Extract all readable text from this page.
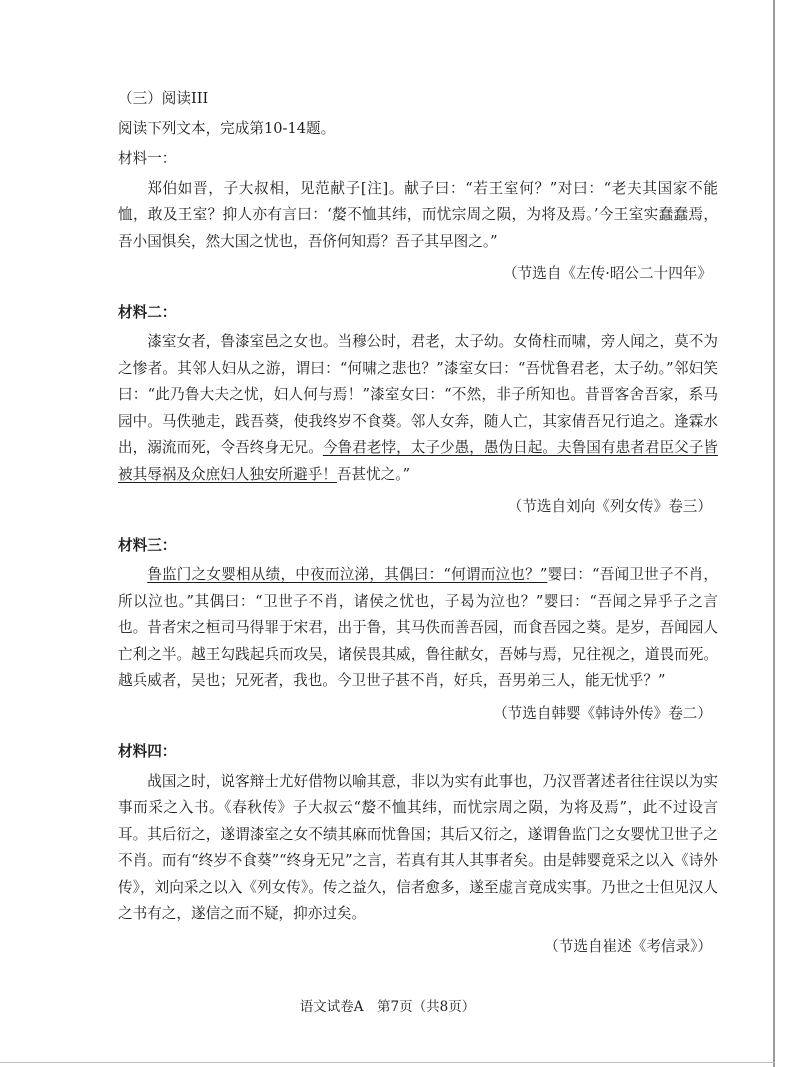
（三）阅读III
阅读下列文本，完成第10-14题。
材料一：

郑伯如晋，子大叔相，见范献子[注]。献子曰：“若王室何？”对曰：“老夫其国家不能恤，敢及王室？抑人亦有言曰：‘嫠不恤其纬，而忧宗周之陨，为将及焉。’今王室实蠢蠢焉，吾小国惧矣，然大国之忧也，吾侪何知焉？吾子其早图之。”

（节选自《左传·昭公二十四年》
材料二：

漆室女者，鲁漆室邑之女也。当穆公时，君老，太子幼。女倚柱而啸，旁人闻之，莫不为之惨者。其邻人妇从之游，谓曰：“何啸之悲也？”漆室女曰：“吾忧鲁君老，太子幼。”邻妇笑曰：“此乃鲁大夫之忧，妇人何与焉！”漆室女曰：“不然，非子所知也。昔晋客舍吾家，系马园中。马佚驰走，践吾葵，使我终岁不食葵。邻人女奔，随人亡，其家倩吾兄行追之。逢霖水出，溺流而死，令吾终身无兄。今鲁君老悖，太子少愚，愚伪日起。夫鲁国有患者君臣父子皆被其辱祸及众庶妇人独安所避乎！吾甚忧之。”

（节选自刘向《列女传》卷三）
材料三：

鲁监门之女婴相从绩，中夜而泣涕，其偶曰：“何谓而泣也？”婴曰：“吾闻卫世子不肖，所以泣也。”其偶曰：“卫世子不肖，诸侯之忧也，子曷为泣也？”婴曰：“吾闻之异乎子之言也。昔者宋之桓司马得罪于宋君，出于鲁，其马佚而善吾园，而食吾园之葵。是岁，吾闻园人亡利之半。越王勾践起兵而攻吴，诸侯畏其威，鲁往献女，吾姊与焉，兄往视之，道畏而死。越兵威者，吴也；兄死者，我也。今卫世子甚不肖，好兵，吾男弟三人，能无忧乎？”

（节选自韩婴《韩诗外传》卷二）
材料四：

战国之时，说客辩士尤好借物以喻其意，非以为实有此事也，乃汉晋著述者往往误以为实事而采之入书。《春秋传》子大叔云“嫠不恤其纬，而忧宗周之陨，为将及焉”，此不过设言耳。其后衍之，遂谓漆室之女不绩其麻而忧鲁国；其后又衍之，遂谓鲁监门之女婴忧卫世子之不肖。而有“终岁不食葵”“终身无兄”之言，若真有其人其事者矣。由是韩婴竟采之以入《诗外传》，刘向采之以入《列女传》。传之益久，信者愈多，遂至虚言竟成实事。乃世之士但见汉人之书有之，遂信之而不疑，抑亦过矣。

（节选自崔述《考信录》）
语文试卷A　第7页（共8页）
